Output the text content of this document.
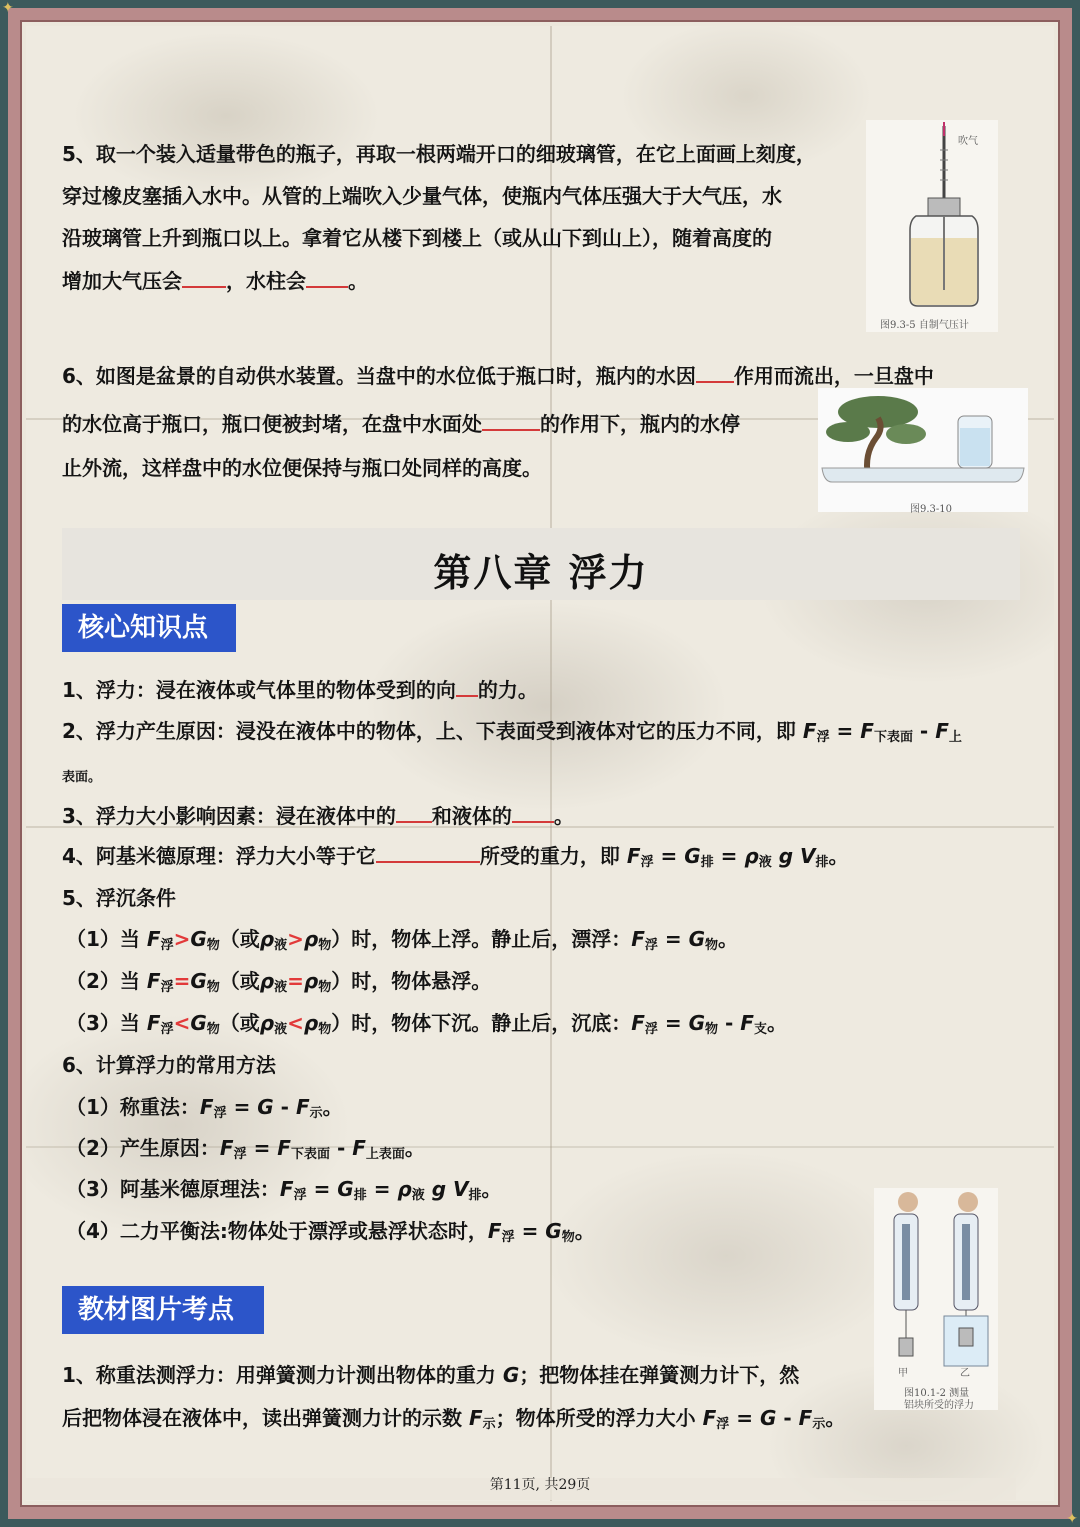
✦
✦
5、取一个装入适量带色的瓶子，再取一根两端开口的细玻璃管，在它上面画上刻度，
穿过橡皮塞插入水中。从管的上端吹入少量气体，使瓶内气体压强大于大气压，水
沿玻璃管上升到瓶口以上。拿着它从楼下到楼上（或从山下到山上），随着高度的
增加大气压会 ，水柱会 。
吹气
图9.3-5 自制气压计
6、如图是盆景的自动供水装置。当盘中的水位低于瓶口时，瓶内的水因 作用而流出，一旦盘中
的水位高于瓶口，瓶口便被封堵，在盘中水面处	的作用下，瓶内的水停
止外流，这样盘中的水位便保持与瓶口处同样的高度。
图9.3-10
第八章 浮力
核心知识点
1、浮力：浸在液体或气体里的物体受到的向 的力。
2、浮力产生原因：浸没在液体中的物体，上、下表面受到液体对它的压力不同，即 $F_浮 = F_{下表面} - F_上$
表面。
3、浮力大小影响因素：浸在液体中的 和液体的 。
4、阿基米德原理：浮力大小等于它	所受的重力，即 $F_浮 = G_排 = \rho_液$ g $V_排$。
5、浮沉条件
（1）当 $F_浮>G_物$（或$\rho_液>\rho_物$）时，物体上浮。静止后，漂浮：$F_浮 = G_物$。
（2）当 $F_浮=G_物$（或$\rho_液=\rho_物$）时，物体悬浮。
（3）当 $F_浮<G_物$（或$\rho_液<\rho_物$）时，物体下沉。静止后，沉底：$F_浮 = G_物 - F_支$。
6、计算浮力的常用方法
（1）称重法：$F_浮 = G - F_示$。
（2）产生原因：$F_浮 = F_{下表面} - F_{上表面}$。
（3）阿基米德原理法：$F_浮 = G_排 = \rho_液$ g $V_排$。
（4）二力平衡法:物体处于漂浮或悬浮状态时，$F_浮 = G_物$。
教材图片考点
1、称重法测浮力：用弹簧测力计测出物体的重力 G；把物体挂在弹簧测力计下，然
后把物体浸在液体中，读出弹簧测力计的示数 $F_示$；物体所受的浮力大小 $F_浮 = G - F_示$。
甲	乙
图10.1-2 测量
铝块所受的浮力
第11页, 共29页
